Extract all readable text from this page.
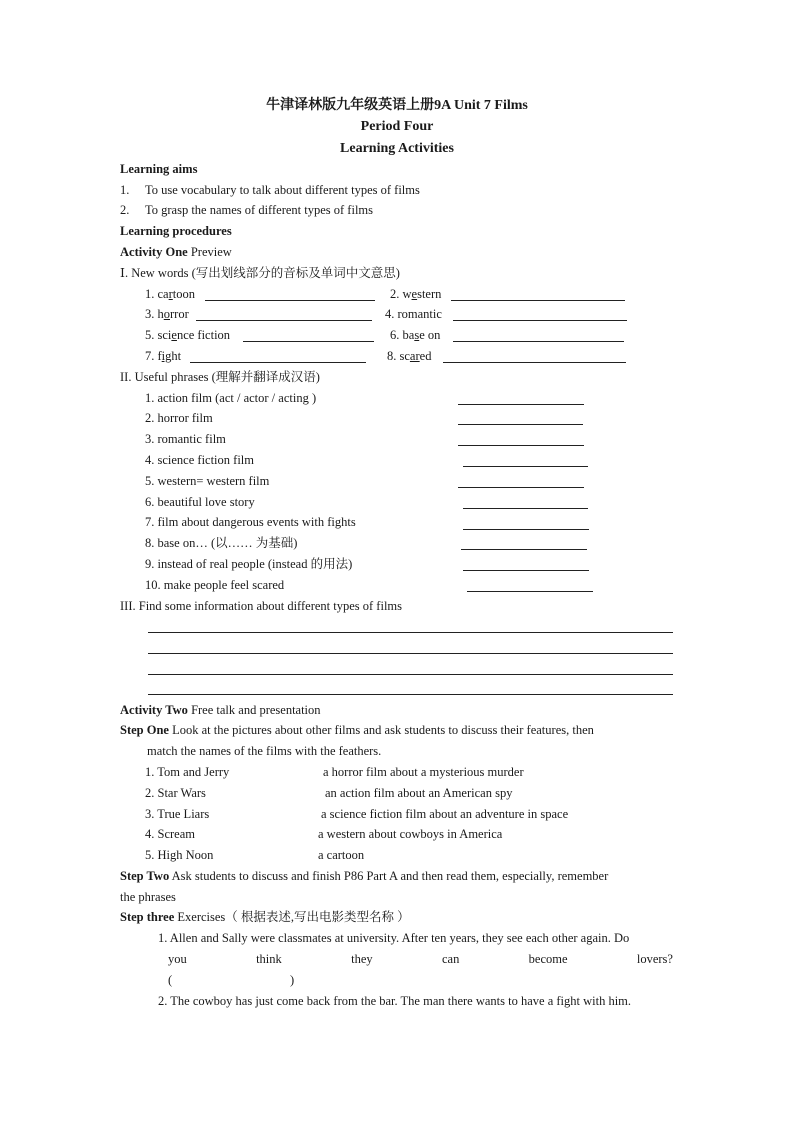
牛津译林版九年级英语上册9A Unit 7 Films
Period Four
Learning Activities
Learning aims
1. To use vocabulary to talk about different types of films
2. To grasp the names of different types of films
Learning procedures
Activity One Preview
Ⅰ. New words (写出划线部分的音标及单词中文意思)
1. cartoon	2. western
3. horror	4. romantic
5. science fiction	6. base on
7. fight	8. scared
II. Useful phrases (理解并翻译成汉语)
1. action film (act / actor / acting )
2. horror film
3. romantic film
4. science fiction film
5. western= western film
6. beautiful love story
7. film about dangerous events with fights
8. base on… (以…… 为基础)
9. instead of real people (instead 的用法)
10. make people feel scared
III. Find some information about different types of films
Activity Two Free talk and presentation
Step One Look at the pictures about other films and ask students to discuss their features, then
match the names of the films with the feathers.
1. Tom and Jerry	a horror film about a mysterious murder
2. Star Wars	an action film about an American spy
3. True Liars	a science fiction film about an adventure in space
4. Scream	a western about cowboys in America
5. High Noon	a cartoon
Step Two Ask students to discuss and finish P86 Part A and then read them, especially, remember
the phrases
Step three Exercises（ 根据表述,写出电影类型名称 ）
1. Allen and Sally were classmates at university. After ten years, they see each other again. Do
you	think	they	can	become	lovers?
(	)
2. The cowboy has just come back from the bar. The man there wants to have a fight with him.
